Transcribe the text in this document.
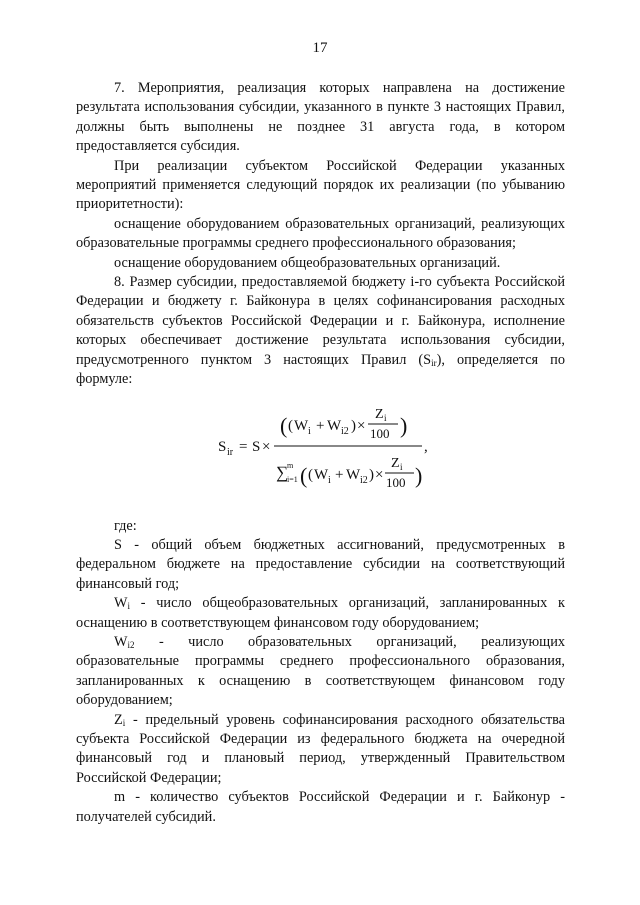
17

7. Мероприятия, реализация которых направлена на достижение результата использования субсидии, указанного в пункте 3 настоящих Правил, должны быть выполнены не позднее 31 августа года, в котором предоставляется субсидия.

При реализации субъектом Российской Федерации указанных мероприятий применяется следующий порядок их реализации (по убыванию приоритетности):

оснащение оборудованием образовательных организаций, реализующих образовательные программы среднего профессионального образования;

оснащение оборудованием общеобразовательных организаций.

8. Размер субсидии, предоставляемой бюджету i-го субъекта Российской Федерации и бюджету г. Байконура в целях софинансирования расходных обязательств субъектов Российской Федерации и г. Байконура, исполнение которых обеспечивает достижение результата использования субсидии, предусмотренного пунктом 3 настоящих Правил $(S_{ir})$, определяется по формуле:

S ir = S ×
( ( W i + W i2 ) ×
Z i
100 )
∑
m
i=1 ( ( W i + W i2 ) ×
Z i
100 )
,

где:

S - общий объем бюджетных ассигнований, предусмотренных в федеральном бюджете на предоставление субсидии на соответствующий финансовый год;

$W_i$ - число общеобразовательных организаций, запланированных к оснащению в соответствующем финансовом году оборудованием;

$W_{i2}$ - число образовательных организаций, реализующих образовательные программы среднего профессионального образования, запланированных к оснащению в соответствующем финансовом году оборудованием;

$Z_i$ - предельный уровень софинансирования расходного обязательства субъекта Российской Федерации из федерального бюджета на очередной финансовый год и плановый период, утвержденный Правительством Российской Федерации;

m - количество субъектов Российской Федерации и г. Байконур - получателей субсидий.
